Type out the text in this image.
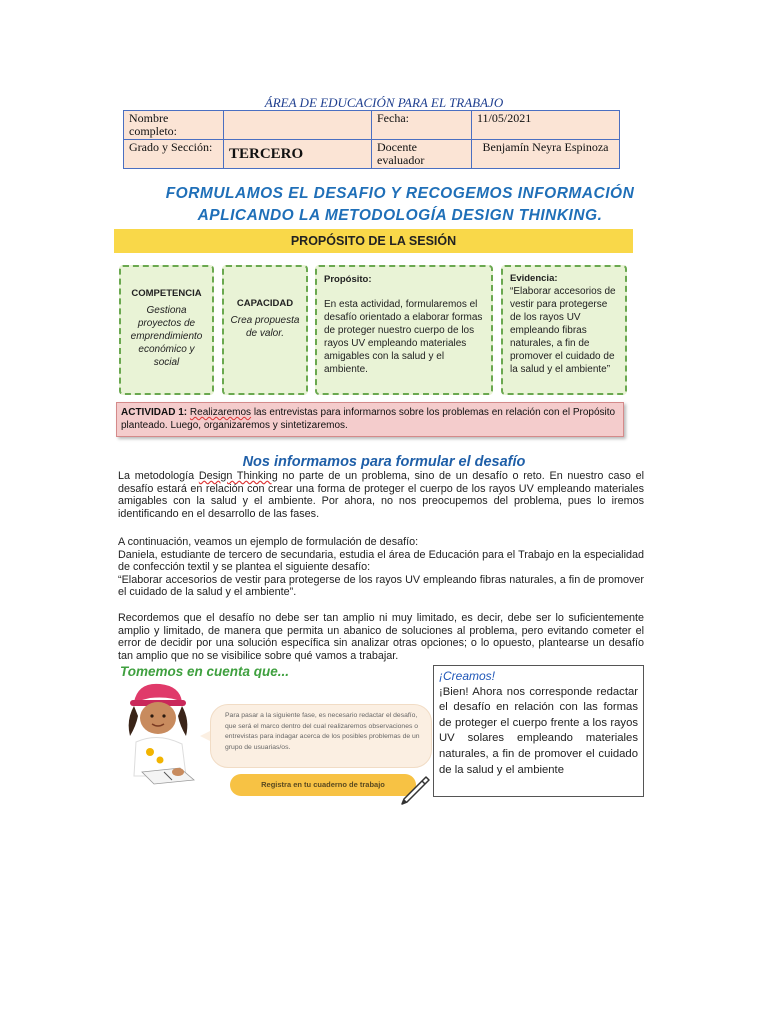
ÁREA DE EDUCACIÓN PARA EL TRABAJO
Nombre completo:		Fecha:	11/05/2021
Grado y Sección:	TERCERO	Docente evaluador	Benjamín Neyra Espinoza
FORMULAMOS EL DESAFIO Y RECOGEMOS INFORMACIÓN
APLICANDO LA METODOLOGÍA DESIGN THINKING.
PROPÓSITO DE LA SESIÓN
COMPETENCIA
Gestiona proyectos de emprendimiento económico y social
CAPACIDAD
Crea propuesta de valor.
Propósito:
En esta actividad, formularemos el desafío orientado a elaborar formas de proteger nuestro cuerpo de los rayos UV empleando materiales amigables con la salud y el ambiente.
Evidencia:
“Elaborar accesorios de vestir para protegerse de los rayos UV empleando fibras naturales, a fin de promover el cuidado de la salud y el ambiente”
ACTIVIDAD 1: Realizaremos las entrevistas para informarnos sobre los problemas en relación con el Propósito planteado. Luego, organizaremos y sintetizaremos.
Nos informamos para formular el desafío
La metodología Design Thinking no parte de un problema, sino de un desafío o reto. En nuestro caso el desafío estará en relación con crear una forma de proteger el cuerpo de los rayos UV empleando materiales amigables con la salud y el ambiente. Por ahora, no nos preocupemos del problema, pues lo iremos identificando en el desarrollo de las fases.
A continuación, veamos un ejemplo de formulación de desafío:
Daniela, estudiante de tercero de secundaria, estudia el área de Educación para el Trabajo en la especialidad de confección textil y se plantea el siguiente desafío:
“Elaborar accesorios de vestir para protegerse de los rayos UV empleando fibras naturales, a fin de promover el cuidado de la salud y el ambiente”.
Recordemos que el desafío no debe ser tan amplio ni muy limitado, es decir, debe ser lo suficientemente amplio y limitado, de manera que permita un abanico de soluciones al problema, pero evitando cometer el error de decidir por una solución específica sin analizar otras opciones; o lo opuesto, plantearse un desafío tan amplio que no se visibilice sobre qué vamos a trabajar.
Tomemos en cuenta que...
Para pasar a la siguiente fase, es necesario redactar el desafío, que será el marco dentro del cual realizaremos observaciones o entrevistas para indagar acerca de los posibles problemas de un grupo de usuarias/os.
Registra en tu cuaderno de trabajo
¡Creamos!
¡Bien! Ahora nos corresponde redactar el desafío en relación con las formas de proteger el cuerpo frente a los rayos UV solares empleando materiales naturales, a fin de promover el cuidado de la salud y el ambiente
